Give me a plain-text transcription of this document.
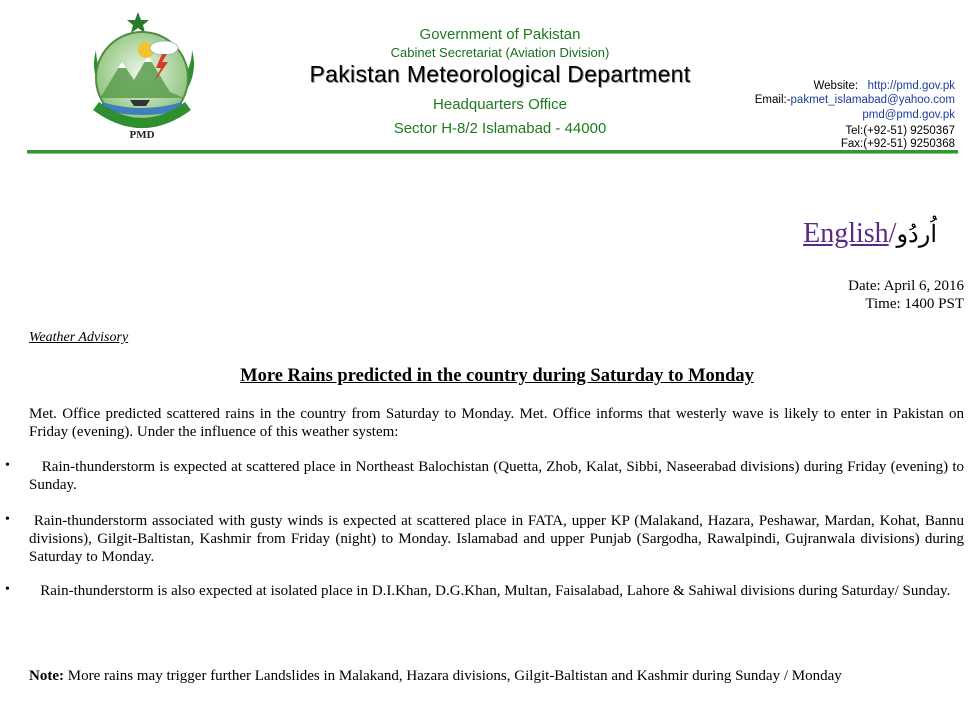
PMD
Government of Pakistan
Cabinet Secretariat (Aviation Division)
Pakistan Meteorological Department
Headquarters Office
Sector H-8/2 Islamabad - 44000
Website: http://pmd.gov.pk
Email:-pakmet_islamabad@yahoo.com
pmd@pmd.gov.pk
Tel:(+92-51) 9250367
Fax:(+92-51) 9250368
English/اُردُو
Date: April 6, 2016
Time: 1400 PST
Weather Advisory
More Rains predicted in the country during Saturday to Monday
Met. Office predicted scattered rains in the country from Saturday to Monday. Met. Office informs that westerly wave is likely to enter in Pakistan on Friday (evening). Under the influence of this weather system:
•	Rain-thunderstorm is expected at scattered place in Northeast Balochistan (Quetta, Zhob, Kalat, Sibbi, Naseerabad divisions) during Friday (evening) to Sunday.
•	Rain-thunderstorm associated with gusty winds is expected at scattered place in FATA, upper KP (Malakand, Hazara, Peshawar, Mardan, Kohat, Bannu divisions), Gilgit-Baltistan, Kashmir from Friday (night) to Monday. Islamabad and upper Punjab (Sargodha, Rawalpindi, Gujranwala divisions) during Saturday to Monday.
•	Rain-thunderstorm is also expected at isolated place in D.I.Khan, D.G.Khan, Multan, Faisalabad, Lahore & Sahiwal divisions during Saturday/ Sunday.
Note: More rains may trigger further Landslides in Malakand, Hazara divisions, Gilgit-Baltistan and Kashmir during Sunday / Monday
